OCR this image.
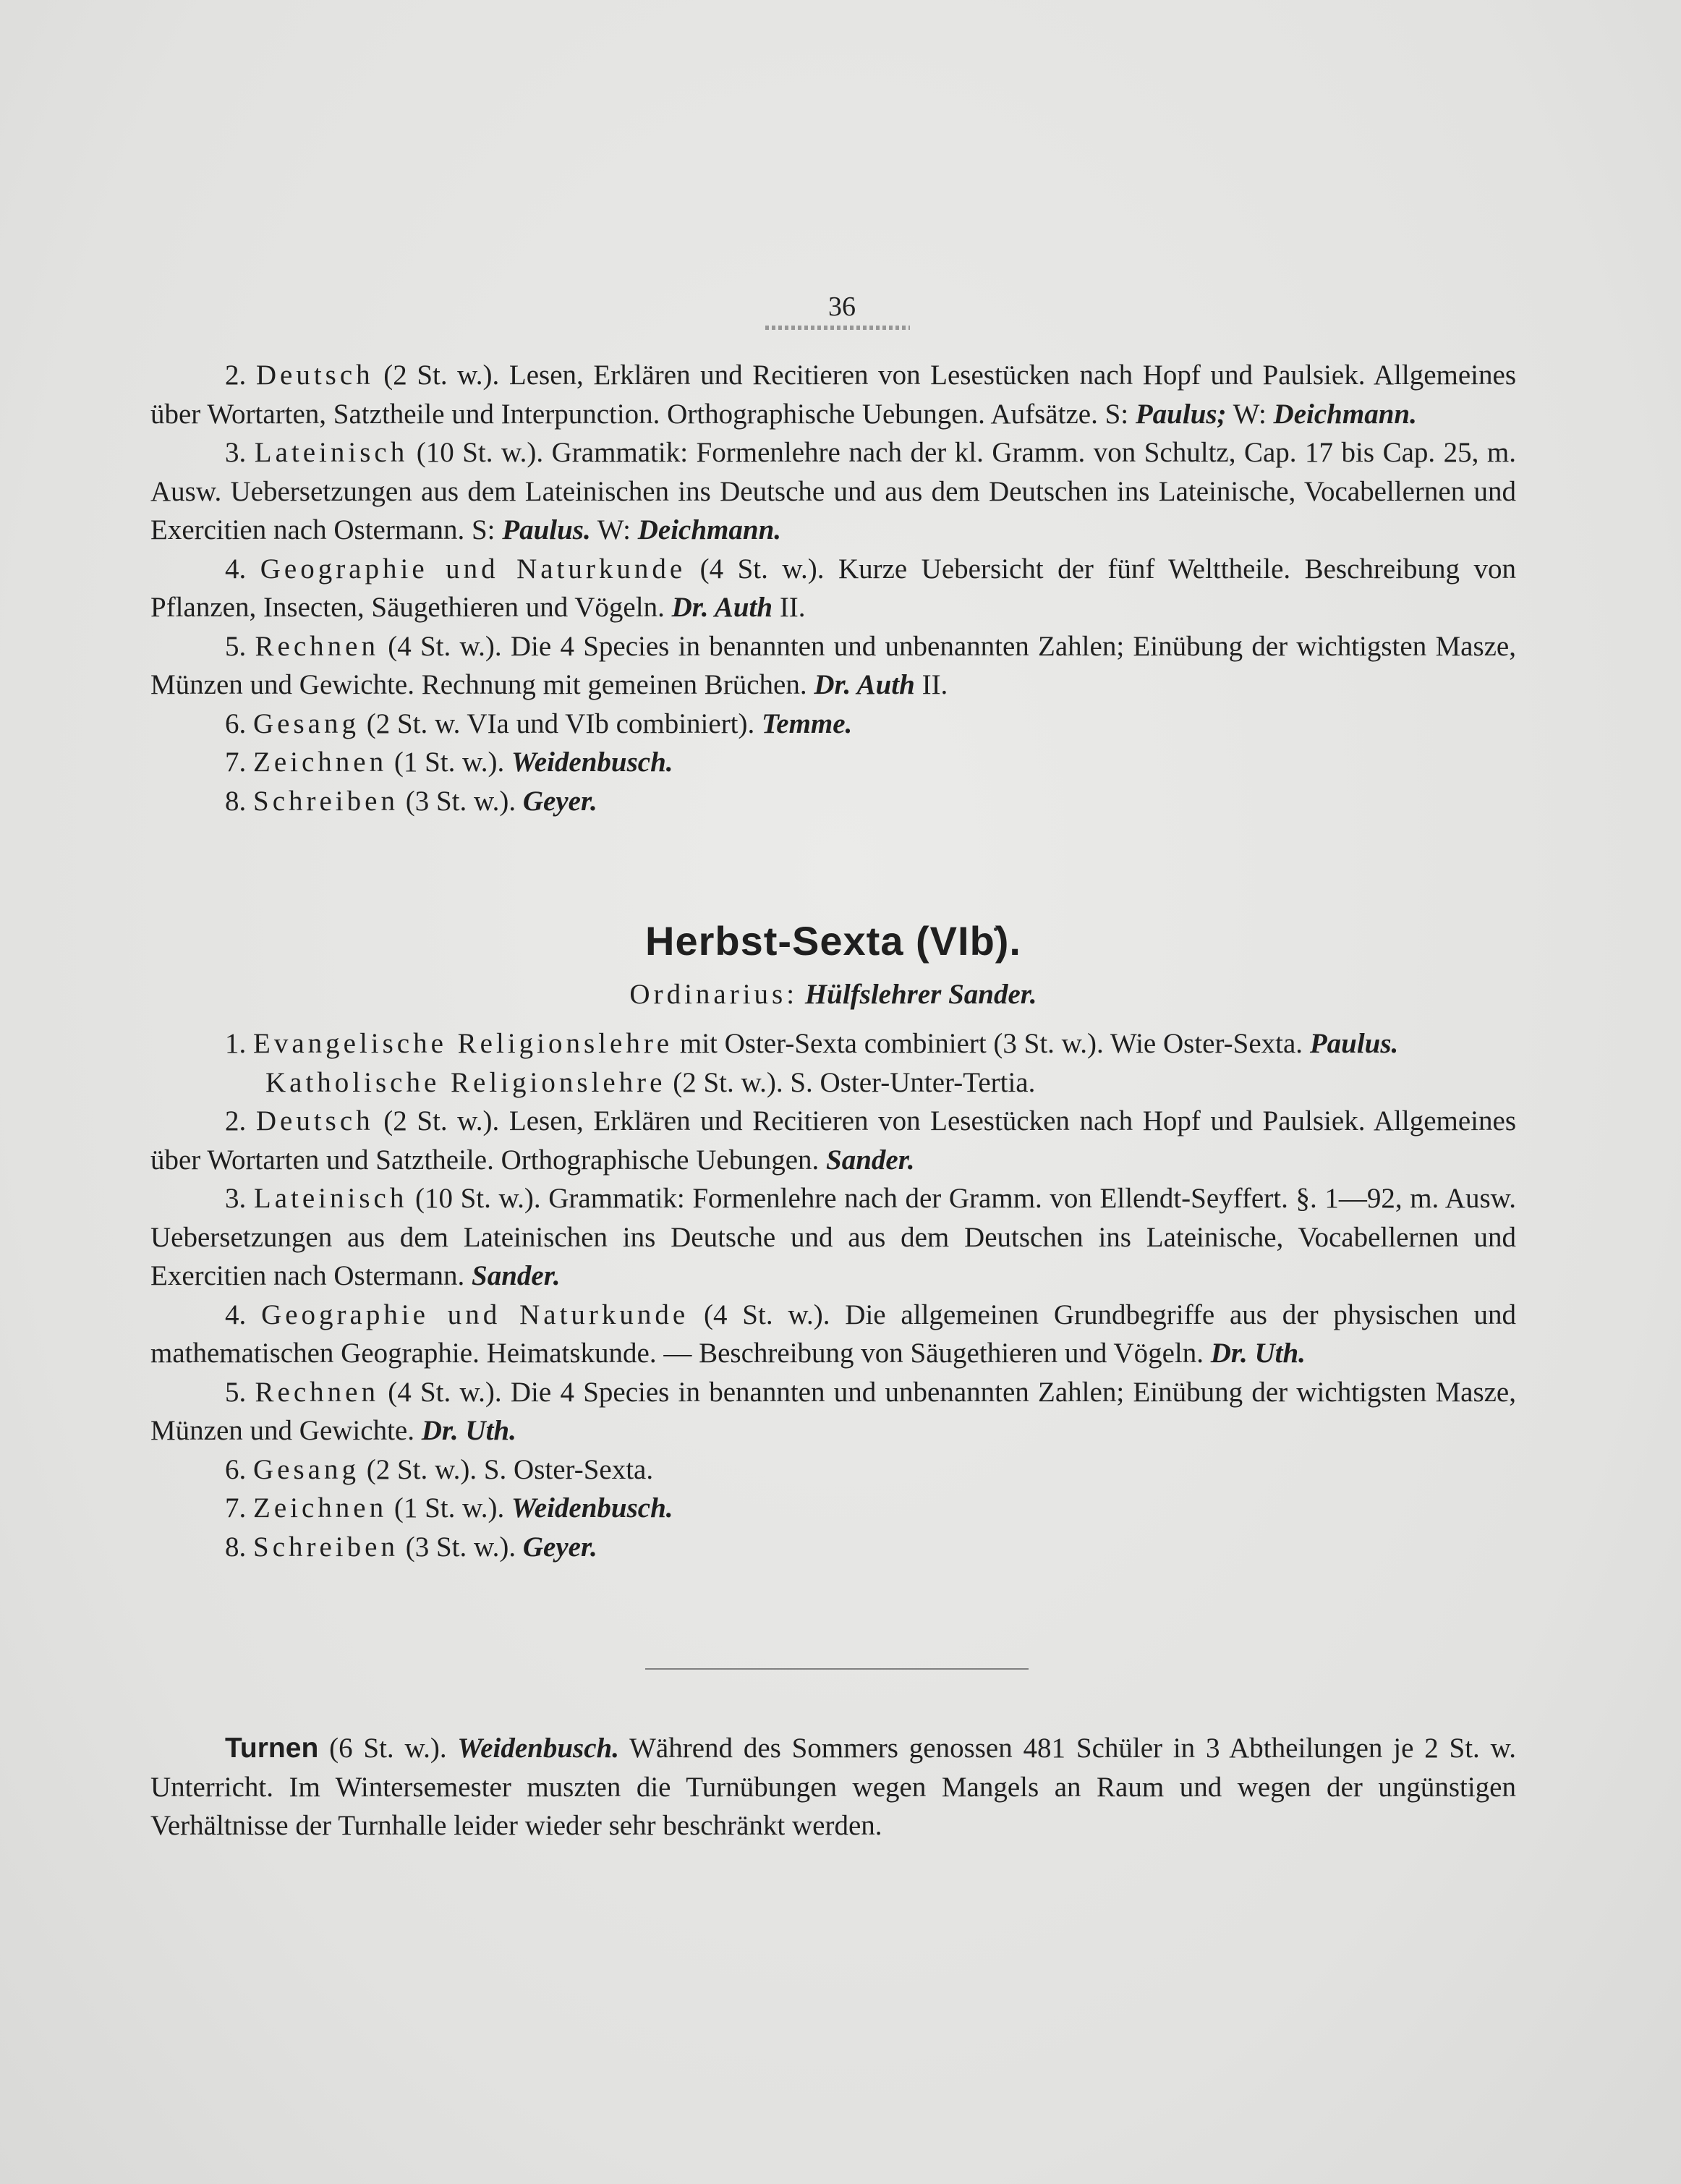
36

2. Deutsch (2 St. w.). Lesen, Erklären und Recitieren von Lesestücken nach Hopf und Paulsiek. Allgemeines über Wortarten, Satztheile und Interpunction. Orthographische Uebungen. Aufsätze. S: Paulus; W: Deichmann.

3. Lateinisch (10 St. w.). Grammatik: Formenlehre nach der kl. Gramm. von Schultz, Cap. 17 bis Cap. 25, m. Ausw. Uebersetzungen aus dem Lateinischen ins Deutsche und aus dem Deutschen ins Lateinische, Vocabellernen und Exercitien nach Ostermann. S: Paulus. W: Deichmann.

4. Geographie und Naturkunde (4 St. w.). Kurze Uebersicht der fünf Welttheile. Beschreibung von Pflanzen, Insecten, Säugethieren und Vögeln. Dr. Auth II.

5. Rechnen (4 St. w.). Die 4 Species in benannten und unbenannten Zahlen; Einübung der wichtigsten Masze, Münzen und Gewichte. Rechnung mit gemeinen Brüchen. Dr. Auth II.

6. Gesang (2 St. w. VIa und VIb combiniert). Temme.

7. Zeichnen (1 St. w.). Weidenbusch.

8. Schreiben (3 St. w.). Geyer.

Herbst-Sexta (VIb).
Ordinarius: Hülfslehrer Sander.

1. Evangelische Religionslehre mit Oster-Sexta combiniert (3 St. w.). Wie Oster-Sexta. Paulus.

Katholische Religionslehre (2 St. w.). S. Oster-Unter-Tertia.

2. Deutsch (2 St. w.). Lesen, Erklären und Recitieren von Lesestücken nach Hopf und Paulsiek. Allgemeines über Wortarten und Satztheile. Orthographische Uebungen. Sander.

3. Lateinisch (10 St. w.). Grammatik: Formenlehre nach der Gramm. von Ellendt-Seyffert. §. 1—92, m. Ausw. Uebersetzungen aus dem Lateinischen ins Deutsche und aus dem Deutschen ins Lateinische, Vocabellernen und Exercitien nach Ostermann. Sander.

4. Geographie und Naturkunde (4 St. w.). Die allgemeinen Grundbegriffe aus der physischen und mathematischen Geographie. Heimatskunde. — Beschreibung von Säugethieren und Vögeln. Dr. Uth.

5. Rechnen (4 St. w.). Die 4 Species in benannten und unbenannten Zahlen; Einübung der wichtigsten Masze, Münzen und Gewichte. Dr. Uth.

6. Gesang (2 St. w.). S. Oster-Sexta.

7. Zeichnen (1 St. w.). Weidenbusch.

8. Schreiben (3 St. w.). Geyer.

Turnen (6 St. w.). Weidenbusch. Während des Sommers genossen 481 Schüler in 3 Abtheilungen je 2 St. w. Unterricht. Im Wintersemester muszten die Turnübungen wegen Mangels an Raum und wegen der ungünstigen Verhältnisse der Turnhalle leider wieder sehr beschränkt werden.
